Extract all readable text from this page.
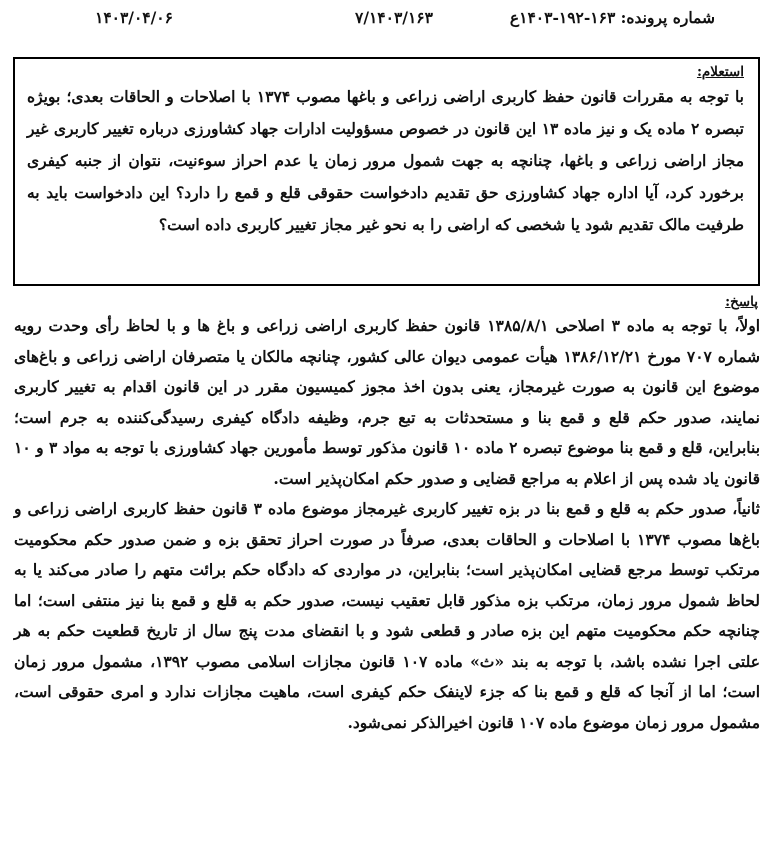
شماره پرونده: ۱۶۳-۱۹۲-۱۴۰۳ع
۷/۱۴۰۳/۱۶۳
۱۴۰۳/۰۴/۰۶

استعلام:

با توجه به مقررات قانون حفظ کاربری اراضی زراعی و باغها مصوب ۱۳۷۴ با اصلاحات و الحاقات بعدی؛ بویژه تبصره ۲ ماده یک و نیز ماده ۱۳ این قانون در خصوص مسؤولیت ادارات جهاد کشاورزی درباره تغییر کاربری غیر مجاز اراضی زراعی و باغها، چنانچه به جهت شمول مرور زمان یا عدم احراز سوءنیت، نتوان از جنبه کیفری برخورد کرد، آیا اداره جهاد کشاورزی حق تقدیم دادخواست حقوقی قلع و قمع را دارد؟ این دادخواست باید به طرفیت مالک تقدیم شود یا شخصی که اراضی را به نحو غیر مجاز تغییر کاربری داده است؟

پاسخ:

اولاً، با توجه به ماده ۳ اصلاحی ۱۳۸۵/۸/۱ قانون حفظ کاربری اراضی زراعی و باغ ها و با لحاظ رأی وحدت رویه شماره ۷۰۷ مورخ ۱۳۸۶/۱۲/۲۱ هیأت عمومی دیوان عالی کشور، چنانچه مالکان یا متصرفان اراضی زراعی و باغ‌های موضوع این قانون به صورت غیرمجاز، یعنی بدون اخذ مجوز کمیسیون مقرر در این قانون اقدام به تغییر کاربری نمایند، صدور حکم قلع و قمع بنا و مستحدثات به تبع جرم، وظیفه دادگاه کیفری رسیدگی‌کننده به جرم است؛ بنابراین، قلع و قمع بنا موضوع تبصره ۲ ماده ۱۰ قانون مذکور توسط مأمورین جهاد کشاورزی با توجه به مواد ۳ و ۱۰ قانون یاد شده پس از اعلام به مراجع قضایی و صدور حکم امکان‌پذیر است.

ثانیاً، صدور حکم به قلع و قمع بنا در بزه تغییر کاربری غیرمجاز موضوع ماده ۳ قانون حفظ کاربری اراضی زراعی و باغ‌ها مصوب ۱۳۷۴ با اصلاحات و الحاقات بعدی، صرفاً در صورت احراز تحقق بزه و ضمن صدور حکم محکومیت مرتکب توسط مرجع قضایی امکان‌پذیر است؛ بنابراین، در مواردی که دادگاه حکم برائت متهم را صادر می‌کند یا به لحاظ شمول مرور زمان، مرتکب بزه مذکور قابل تعقیب نیست، صدور حکم به قلع و قمع بنا نیز منتفی است؛ اما چنانچه حکم محکومیت متهم این بزه صادر و قطعی شود و با انقضای مدت پنج سال از تاریخ قطعیت حکم به هر علتی اجرا نشده باشد، با توجه به بند «ث» ماده ۱۰۷ قانون مجازات اسلامی مصوب ۱۳۹۲، مشمول مرور زمان است؛ اما از آنجا که قلع و قمع بنا که جزء لاینفک حکم کیفری است، ماهیت مجازات ندارد و امری حقوقی است، مشمول مرور زمان موضوع ماده ۱۰۷ قانون اخیرالذکر نمی‌شود.
